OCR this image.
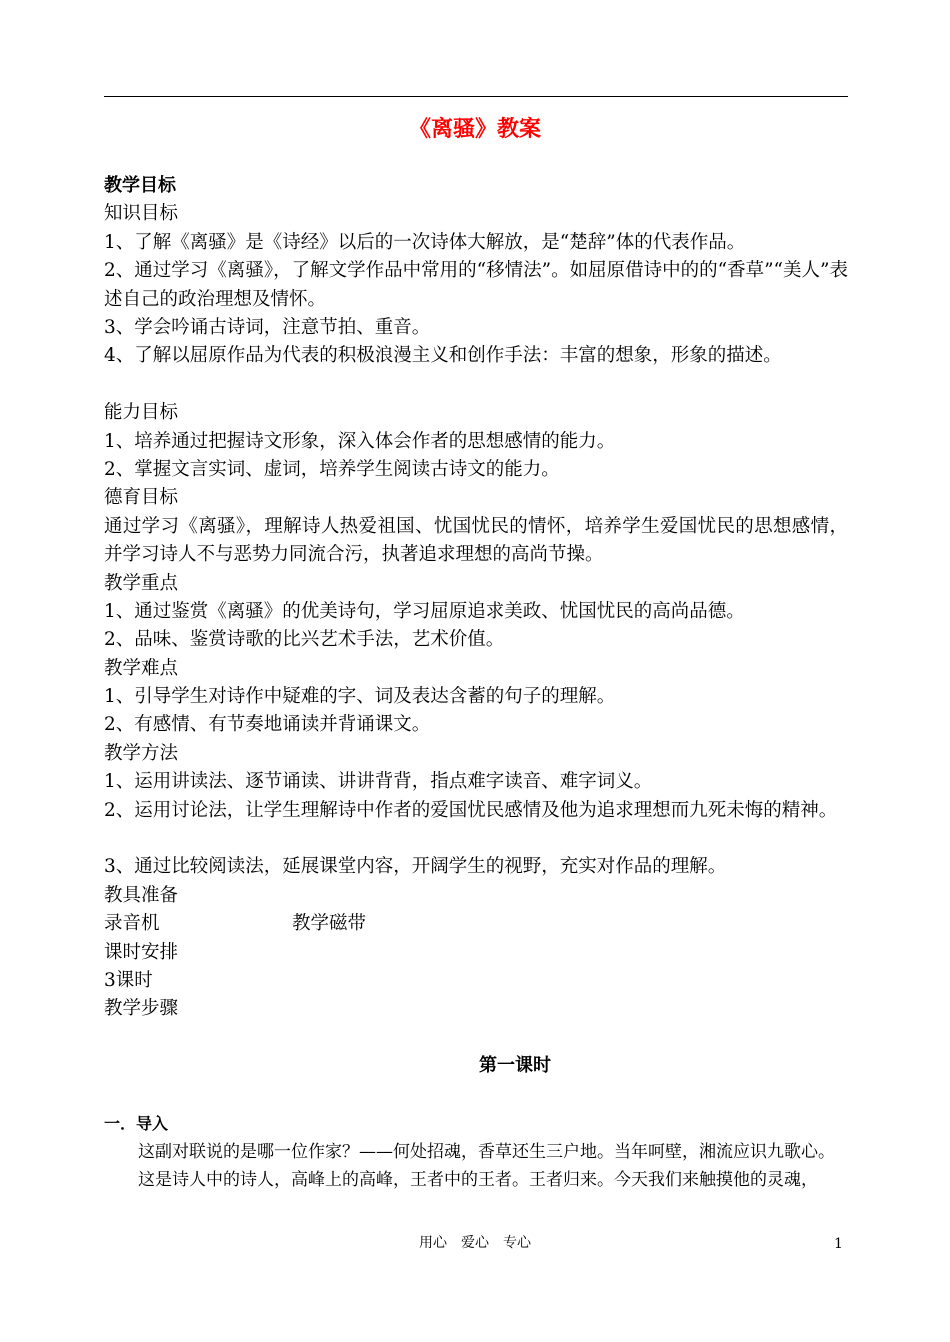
《离骚》教案
教学目标
知识目标
1、了解《离骚》是《诗经》以后的一次诗体大解放，是“楚辞”体的代表作品。
2、通过学习《离骚》，了解文学作品中常用的“移情法”。如屈原借诗中的的“香草”“美人”表述自己的政治理想及情怀。
3、学会吟诵古诗词，注意节拍、重音。
4、了解以屈原作品为代表的积极浪漫主义和创作手法：丰富的想象，形象的描述。
能力目标
1、培养通过把握诗文形象，深入体会作者的思想感情的能力。
2、掌握文言实词、虚词，培养学生阅读古诗文的能力。
德育目标
通过学习《离骚》，理解诗人热爱祖国、忧国忧民的情怀，培养学生爱国忧民的思想感情，并学习诗人不与恶势力同流合污，执著追求理想的高尚节操。
教学重点
1、通过鉴赏《离骚》的优美诗句，学习屈原追求美政、忧国忧民的高尚品德。
2、品味、鉴赏诗歌的比兴艺术手法，艺术价值。
教学难点
1、引导学生对诗作中疑难的字、词及表达含蓄的句子的理解。
2、有感情、有节奏地诵读并背诵课文。
教学方法
1、运用讲读法、逐节诵读、讲讲背背，指点难字读音、难字词义。
2、运用讨论法，让学生理解诗中作者的爱国忧民感情及他为追求理想而九死未悔的精神。
3、通过比较阅读法，延展课堂内容，开阔学生的视野，充实对作品的理解。
教具准备
录音机	教学磁带
课时安排
3课时
教学步骤
第一课时
一．导入

这副对联说的是哪一位作家？——何处招魂，香草还生三户地。当年呵壁，湘流应识九歌心。

这是诗人中的诗人，高峰上的高峰，王者中的王者。王者归来。今天我们来触摸他的灵魂，

用心　爱心　专心	1
